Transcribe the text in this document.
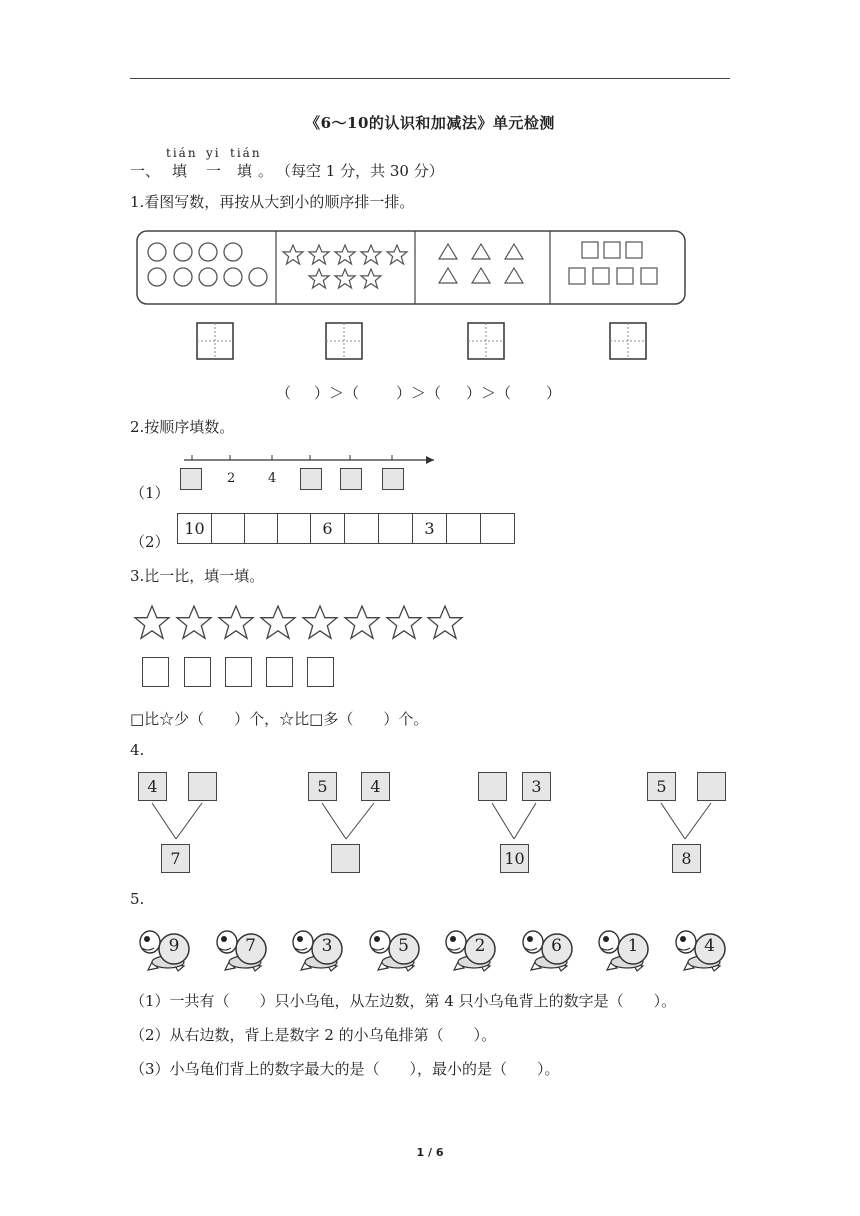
《6～10的认识和加减法》单元检测
tián yi tián
一、 填 一 填 。 （每空 1 分，共 30 分）
1.看图写数，再按从大到小的顺序排一排。
（ ）＞（ ）＞（ ）＞（ ）
2.按顺序填数。
2	4
（1）
（2）
10	6	3
3.比一比，填一填。
□比☆少（　　）个，☆比□多（　　）个。
4.
4
7
5	4	3
10
5
8
5.
9	7	3	5	2	6	1	4
（1）一共有（　　）只小乌龟，从左边数，第 4 只小乌龟背上的数字是（　　）。
（2）从右边数，背上是数字 2 的小乌龟排第（　　）。
（3）小乌龟们背上的数字最大的是（　　），最小的是（　　）。
1 / 6
